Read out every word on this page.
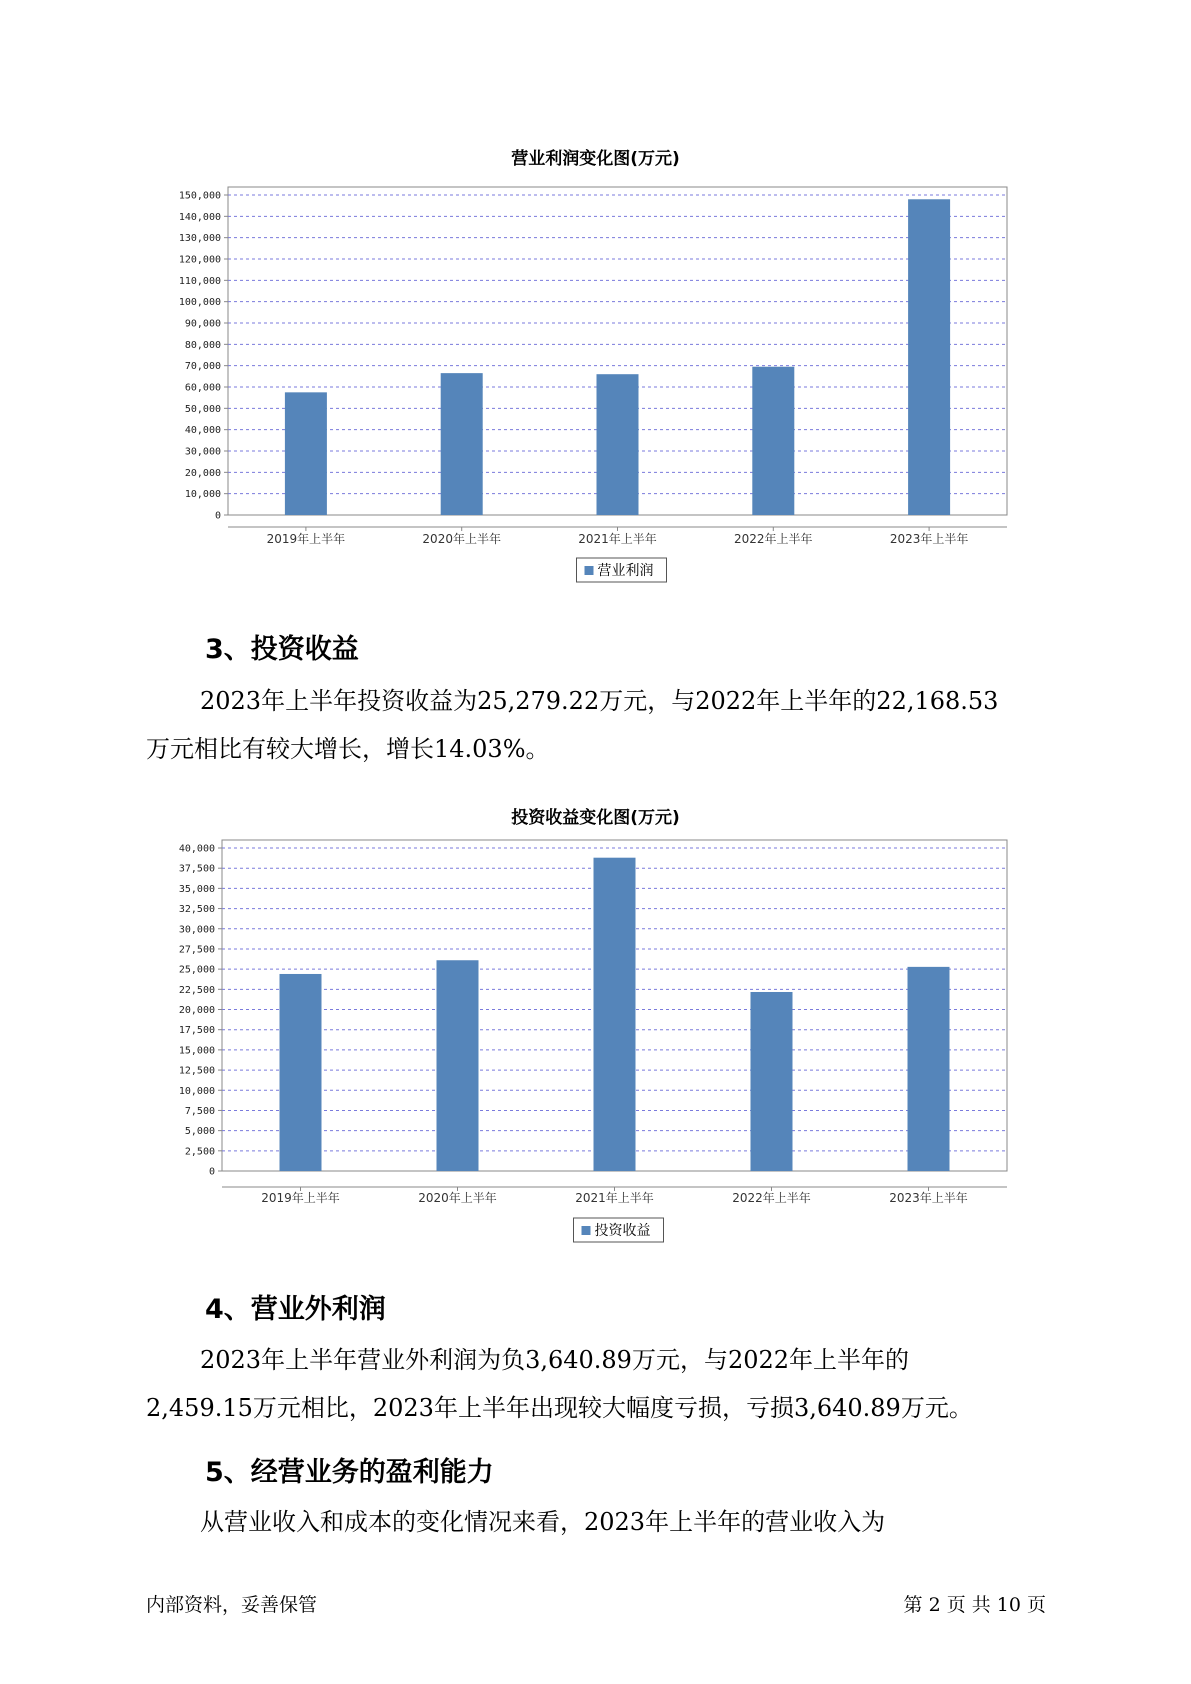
营业利润变化图(万元)
0
10,000
20,000
30,000
40,000
50,000
60,000
70,000
80,000
90,000
100,000
110,000
120,000
130,000
140,000
150,000
2019年上半年	2020年上半年	2021年上半年	2022年上半年	2023年上半年
营业利润
3、投资收益
2023年上半年投资收益为25,279.22万元，与2022年上半年的22,168.53
万元相比有较大增长，增长14.03%。
投资收益变化图(万元)
0
2,500
5,000
7,500
10,000
12,500
15,000
17,500
20,000
22,500
25,000
27,500
30,000
32,500
35,000
37,500
40,000
2019年上半年	2020年上半年	2021年上半年	2022年上半年	2023年上半年
投资收益
4、营业外利润
2023年上半年营业外利润为负3,640.89万元，与2022年上半年的
2,459.15万元相比，2023年上半年出现较大幅度亏损，亏损3,640.89万元。
5、经营业务的盈利能力
从营业收入和成本的变化情况来看，2023年上半年的营业收入为
内部资料，妥善保管	第 2 页 共 10 页
